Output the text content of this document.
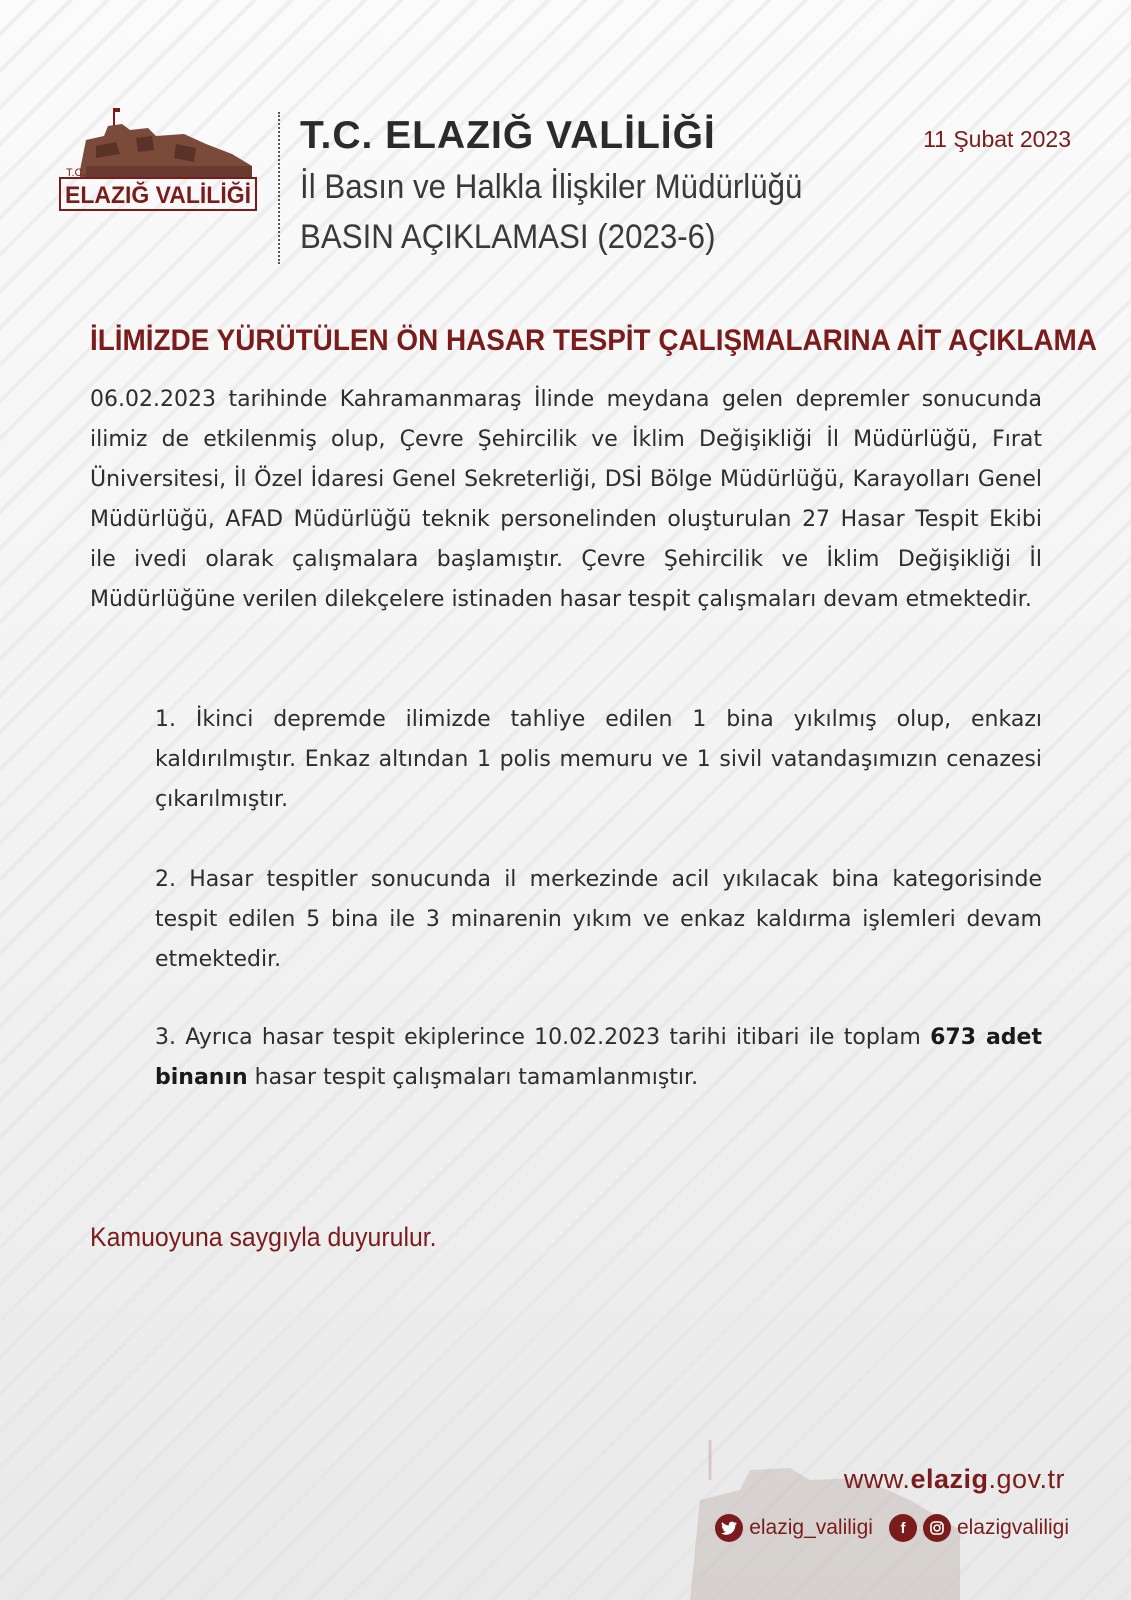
T.C.
ELAZIĞ VALİLİĞİ
T.C. ELAZIĞ VALİLİĞİ
İl Basın ve Halkla İlişkiler Müdürlüğü
BASIN AÇIKLAMASI (2023-6)
11 Şubat 2023
İLİMİZDE YÜRÜTÜLEN ÖN HASAR TESPİT ÇALIŞMALARINA AİT AÇIKLAMA
06.02.2023 tarihinde Kahramanmaraş İlinde meydana gelen depremler sonucunda ilimiz de etkilenmiş olup, Çevre Şehircilik ve İklim Değişikliği İl Müdürlüğü, Fırat Üniversitesi, İl Özel İdaresi Genel Sekreterliği, DSİ Bölge Müdürlüğü, Karayolları Genel Müdürlüğü, AFAD Müdürlüğü teknik personelinden oluşturulan 27 Hasar Tespit Ekibi ile ivedi olarak çalışmalara başlamıştır. Çevre Şehircilik ve İklim Değişikliği İl Müdürlüğüne verilen dilekçelere istinaden hasar tespit çalışmaları devam etmektedir.
1. İkinci depremde ilimizde tahliye edilen 1 bina yıkılmış olup, enkazı kaldırılmıştır. Enkaz altından 1 polis memuru ve 1 sivil vatandaşımızın cenazesi çıkarılmıştır.
2. Hasar tespitler sonucunda il merkezinde acil yıkılacak bina kategorisinde tespit edilen 5 bina ile 3 minarenin yıkım ve enkaz kaldırma işlemleri devam etmektedir.
3. Ayrıca hasar tespit ekiplerince 10.02.2023 tarihi itibari ile toplam 673 adet binanın hasar tespit çalışmaları tamamlanmıştır.
Kamuoyuna saygıyla duyurulur.
www.elazig.gov.tr
elazig_valiligi	f	elazigvaliligi
